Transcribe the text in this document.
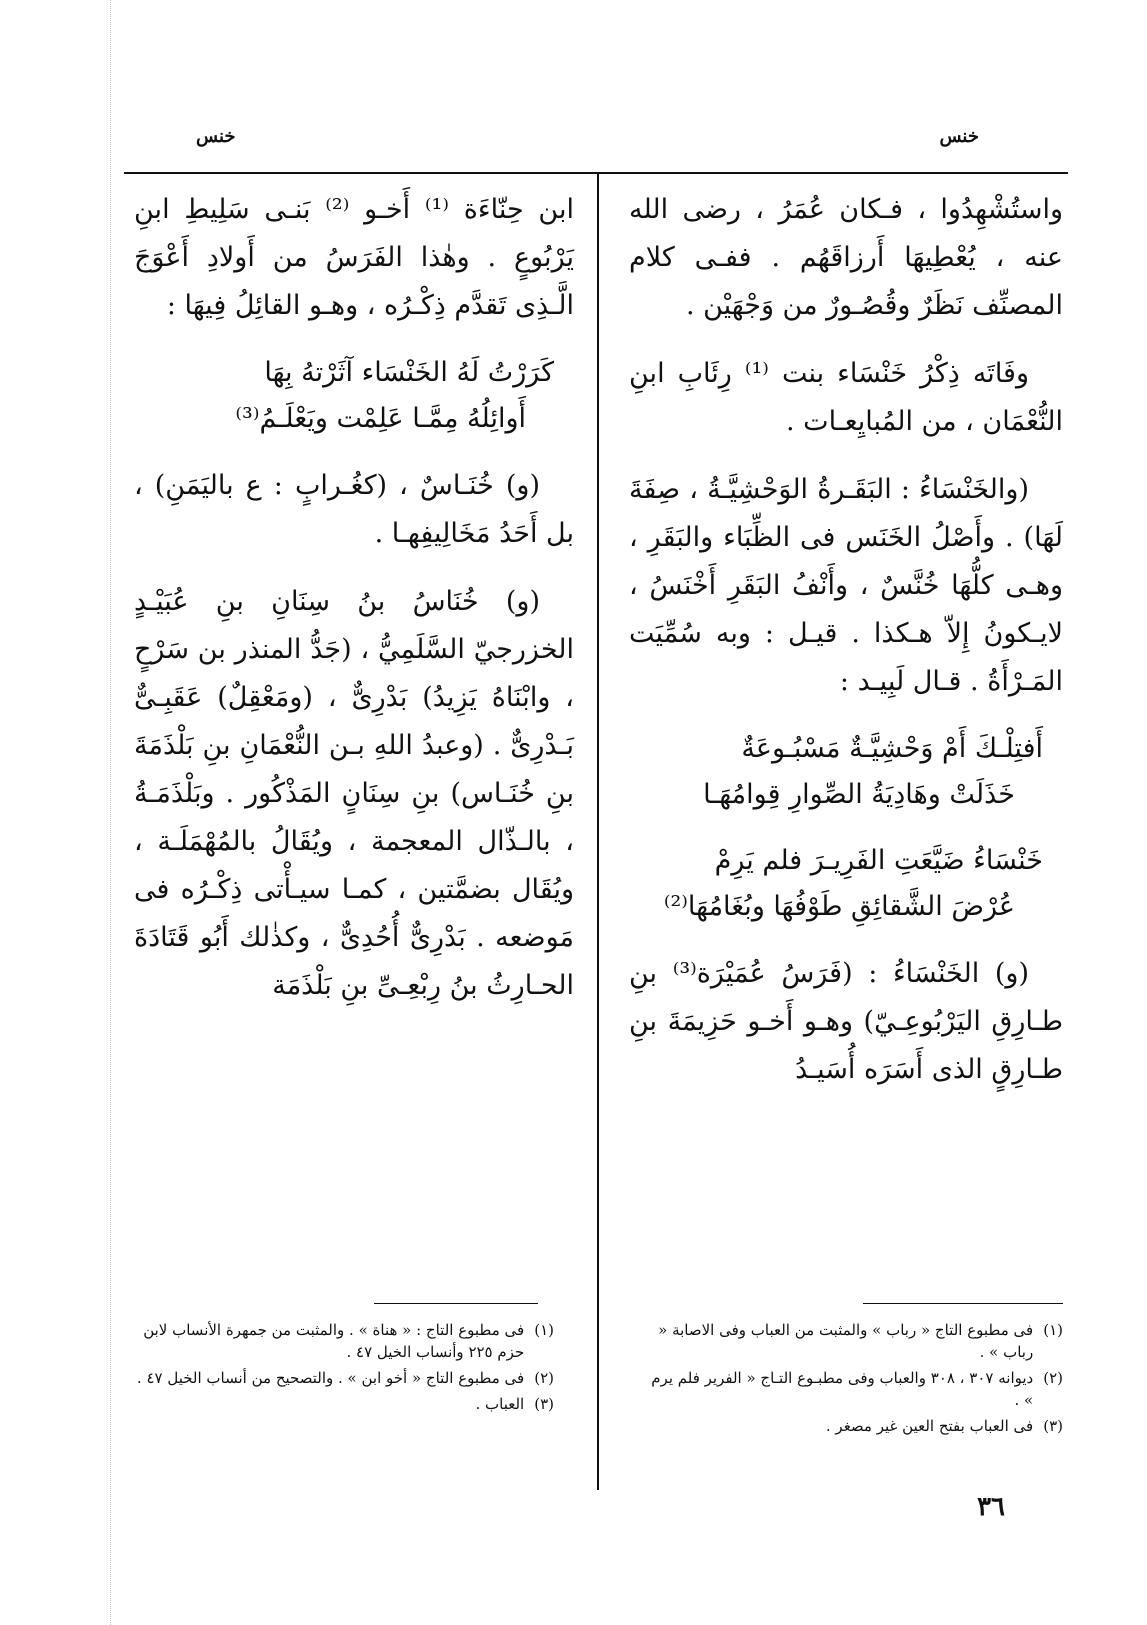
خنس
خنس

واستُشْهِدُوا ، فـكان عُمَرُ ، رضى الله عنه ، يُعْطِيهَا أَرزاقَهُم . ففـى كلام المصنِّف نَظَرٌ وقُصُـورٌ من وَجْهَيْن .

وفَاتَه ذِكْرُ خَنْسَاء بنت ⁽¹⁾ رِئَابِ ابنِ النُّعْمَان ، من المُبايِعـات .

(والخَنْسَاءُ : البَقَـرةُ الوَحْشِيَّـةُ ، صِفَةَ لَهَا) . وأَصْلُ الخَنَس فى الظِّبَاء والبَقَرِ ، وهـى كلُّهَا خُنَّسٌ ، وأَنْفُ البَقَرِ أَخْنَسُ ، لايـكونُ إِلاّ هـكذا . قيـل : وبه سُمِّيَت المَـرْأَةُ . قـال لَبِيـد :

أَفتِلْـكَ أَمْ وَحْشِيَّـةٌ مَسْبُـوعَةٌ
خَذَلَتْ وهَادِيَةُ الصِّوارِ قِوامُهَـا
خَنْسَاءُ ضَيَّعَتِ الفَرِيـرَ فلم يَرِمْ
عُرْضَ الشَّقائِقِ طَوْفُهَا وبُغَامُهَا⁽²⁾

(و) الخَنْسَاءُ : (فَرَسُ عُمَيْرَة⁽³⁾ بنِ طـارِقِ اليَرْبُوعِـيّ) وهـو أَخـو حَزِيمَةَ بنِ طـارِقٍ الذى أَسَرَه أُسَيـدُ

ابن حِنّاءَة ⁽¹⁾ أَخـو ⁽²⁾ بَنـى سَلِيطِ ابنِ يَرْبُوعٍ . وهٰذا الفَرَسُ من أَولادِ أَعْوَجَ الَّـذِى تَقدَّم ذِكْـرُه ، وهـو القائِلُ فِيهَا :

كَرَرْتُ لَهُ الخَنْسَاء آثَرْتهُ بِهَا
أَوائِلُهُ مِمَّـا عَلِمْت ويَعْلَـمُ⁽³⁾

(و) خُنَـاسٌ ، (كغُـرابٍ : ع باليَمَنِ) ، بل أَحَدُ مَخَالِيفِهـا .

(و) خُنَاسُ بنُ سِنَانِ بنِ عُبَيْـدٍ الخزرجيّ السَّلَمِيُّ ، (جَدُّ المنذر بن سَرْحٍ ، وابْنَاهُ يَزِيدُ) بَدْرِىٌّ ، (ومَعْقِلٌ) عَقَبِـىٌّ بَـدْرِىٌّ . (وعبدُ اللهِ بـن النُّعْمَانِ بنِ بَلْذَمَةَ بنِ خُنَـاس) بنِ سِنَانٍ المَذْكُور . وبَلْذَمَـةُ ، بالـذّال المعجمة ، ويُقَالُ بالمُهْمَلَـة ، ويُقَال بضمَّتين ، كمـا سيـأْتى ذِكْـرُه فى مَوضعه . بَدْرِىٌّ أُحُدِىٌّ ، وكذٰلك أَبُو قَتَادَةَ الحـارِثُ بنُ رِبْعِـىِّ بنِ بَلْذَمَة

(١)
فى مطبوع التاج « رباب » والمثبت من العباب وفى الاصابة « رباب » .
(٢)
ديوانه ٣٠٧ ، ٣٠٨ والعباب وفى مطبـوع التـاج « الفرير فلم يرم » .
(٣)
فى العباب بفتح العين غير مصغر .
(١)
فى مطبوع التاج : « هناة » . والمثبت من جمهرة الأنساب لابن حزم ٢٢٥ وأنساب الخيل ٤٧ .
(٢)
فى مطبوع التاج « أخو ابن » . والتصحيح من أنساب الخيل ٤٧ .
(٣)
العباب .
٣٦
